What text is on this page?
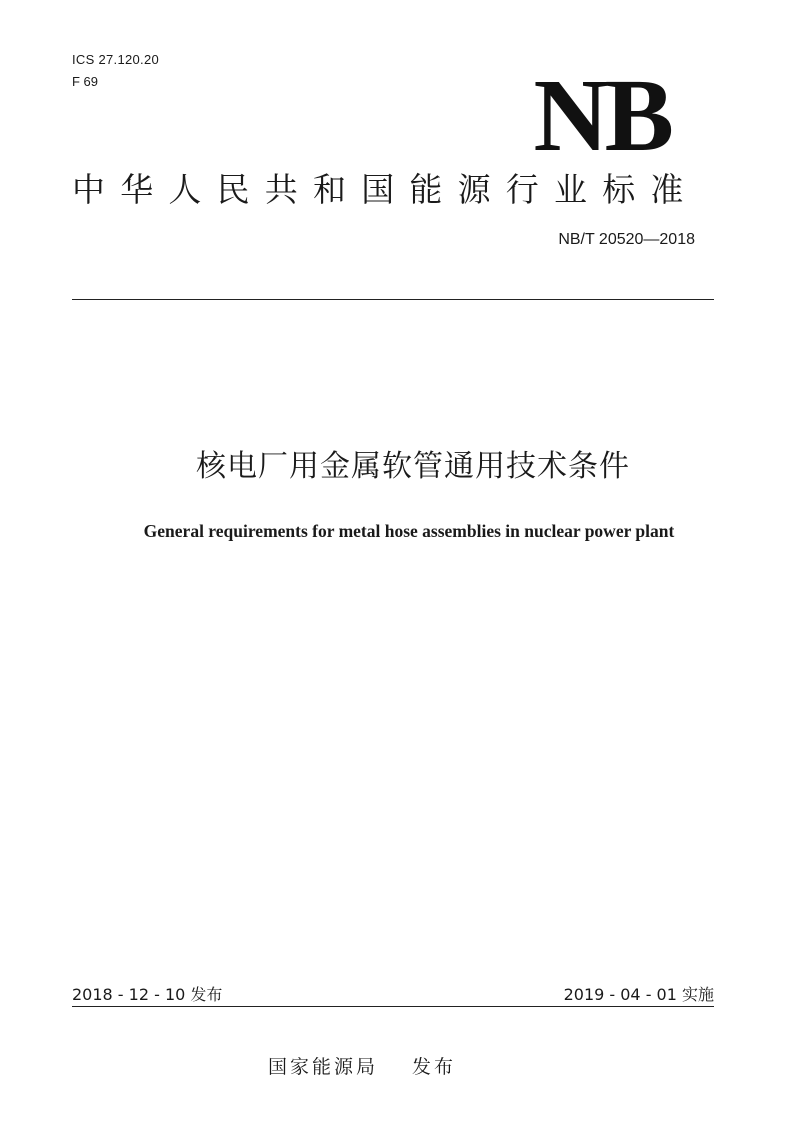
ICS 27.120.20
F 69	NB
中华人民共和国能源行业标准
NB/T 20520—2018
核电厂用金属软管通用技术条件
General requirements for metal hose assemblies in nuclear power plant
2018 - 12 - 10 发布	2019 - 04 - 01 实施
国家能源局 发布
